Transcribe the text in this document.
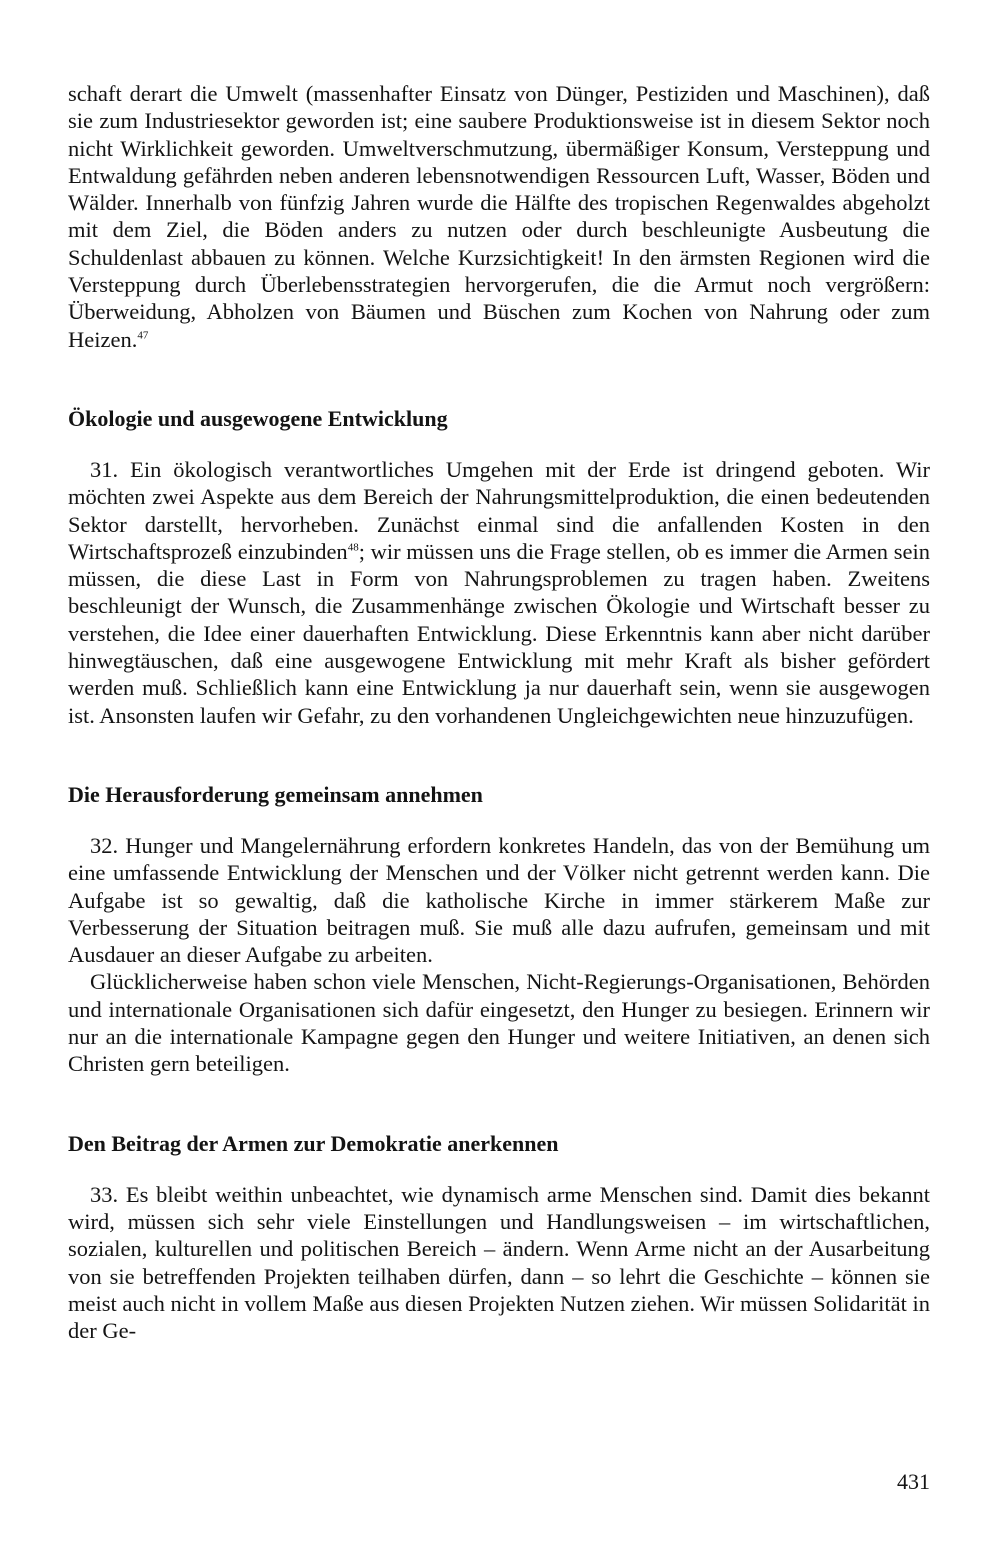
schaft derart die Umwelt (massenhafter Einsatz von Dünger, Pestiziden und Maschinen), daß sie zum Industriesektor geworden ist; eine saubere Produktionsweise ist in diesem Sektor noch nicht Wirklichkeit geworden. Umweltverschmutzung, übermäßiger Konsum, Versteppung und Entwaldung gefährden neben anderen lebensnotwendigen Ressourcen Luft, Wasser, Böden und Wälder. Innerhalb von fünfzig Jahren wurde die Hälfte des tropischen Regenwaldes abgeholzt mit dem Ziel, die Böden anders zu nutzen oder durch beschleunigte Ausbeutung die Schuldenlast abbauen zu können. Welche Kurzsichtigkeit! In den ärmsten Regionen wird die Versteppung durch Überlebensstrategien hervorgerufen, die die Armut noch vergrößern: Überweidung, Abholzen von Bäumen und Büschen zum Kochen von Nahrung oder zum Heizen.$^{47}$

Ökologie und ausgewogene Entwicklung

31. Ein ökologisch verantwortliches Umgehen mit der Erde ist dringend geboten. Wir möchten zwei Aspekte aus dem Bereich der Nahrungsmittelproduktion, die einen bedeutenden Sektor darstellt, hervorheben. Zunächst einmal sind die anfallenden Kosten in den Wirtschaftsprozeß einzubinden$^{48}$; wir müssen uns die Frage stellen, ob es immer die Armen sein müssen, die diese Last in Form von Nahrungsproblemen zu tragen haben. Zweitens beschleunigt der Wunsch, die Zusammenhänge zwischen Ökologie und Wirtschaft besser zu verstehen, die Idee einer dauerhaften Entwicklung. Diese Erkenntnis kann aber nicht darüber hinwegtäuschen, daß eine ausgewogene Entwicklung mit mehr Kraft als bisher gefördert werden muß. Schließlich kann eine Entwicklung ja nur dauerhaft sein, wenn sie ausgewogen ist. Ansonsten laufen wir Gefahr, zu den vorhandenen Ungleichgewichten neue hinzuzufügen.

Die Herausforderung gemeinsam annehmen

32. Hunger und Mangelernährung erfordern konkretes Handeln, das von der Bemühung um eine umfassende Entwicklung der Menschen und der Völker nicht getrennt werden kann. Die Aufgabe ist so gewaltig, daß die katholische Kirche in immer stärkerem Maße zur Verbesserung der Situation beitragen muß. Sie muß alle dazu aufrufen, gemeinsam und mit Ausdauer an dieser Aufgabe zu arbeiten.

Glücklicherweise haben schon viele Menschen, Nicht-Regierungs-Organisationen, Behörden und internationale Organisationen sich dafür eingesetzt, den Hunger zu besiegen. Erinnern wir nur an die internationale Kampagne gegen den Hunger und weitere Initiativen, an denen sich Christen gern beteiligen.

Den Beitrag der Armen zur Demokratie anerkennen

33. Es bleibt weithin unbeachtet, wie dynamisch arme Menschen sind. Damit dies bekannt wird, müssen sich sehr viele Einstellungen und Handlungsweisen – im wirtschaftlichen, sozialen, kulturellen und politischen Bereich – ändern. Wenn Arme nicht an der Ausarbeitung von sie betreffenden Projekten teilhaben dürfen, dann – so lehrt die Geschichte – können sie meist auch nicht in vollem Maße aus diesen Projekten Nutzen ziehen. Wir müssen Solidarität in der Ge-

431
